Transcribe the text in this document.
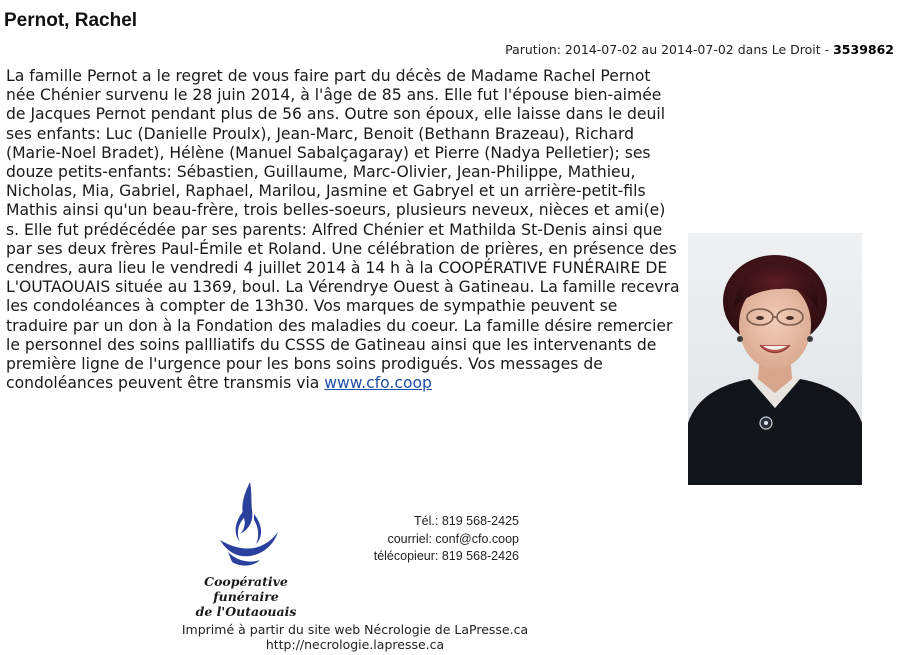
Pernot, Rachel
Parution: 2014-07-02 au 2014-07-02 dans Le Droit - 3539862
La famille Pernot a le regret de vous faire part du décès de Madame Rachel Pernot née Chénier survenu le 28 juin 2014, à l'âge de 85 ans. Elle fut l'épouse bien-aimée de Jacques Pernot pendant plus de 56 ans. Outre son époux, elle laisse dans le deuil ses enfants: Luc (Danielle Proulx), Jean-Marc, Benoit (Bethann Brazeau), Richard (Marie-Noel Bradet), Hélène (Manuel Sabalçagaray) et Pierre (Nadya Pelletier); ses douze petits-enfants: Sébastien, Guillaume, Marc-Olivier, Jean-Philippe, Mathieu, Nicholas, Mia, Gabriel, Raphael, Marilou, Jasmine et Gabryel et un arrière-petit-fils Mathis ainsi qu'un beau-frère, trois belles-soeurs, plusieurs neveux, nièces et ami(e) s. Elle fut prédécédée par ses parents: Alfred Chénier et Mathilda St-Denis ainsi que par ses deux frères Paul-Émile et Roland. Une célébration de prières, en présence des cendres, aura lieu le vendredi 4 juillet 2014 à 14 h à la COOPÉRATIVE FUNÉRAIRE DE L'OUTAOUAIS située au 1369, boul. La Vérendrye Ouest à Gatineau. La famille recevra les condoléances à compter de 13h30. Vos marques de sympathie peuvent se traduire par un don à la Fondation des maladies du coeur. La famille désire remercier le personnel des soins pallliatifs du CSSS de Gatineau ainsi que les intervenants de première ligne de l'urgence pour les bons soins prodigués. Vos messages de condoléances peuvent être transmis via www.cfo.coop
Coopérative funéraire
de l'Outaouais
Tél.: 819 568-2425
courriel: conf@cfo.coop
télécopieur: 819 568-2426
Imprimé à partir du site web Nécrologie de LaPresse.ca
http://necrologie.lapresse.ca
